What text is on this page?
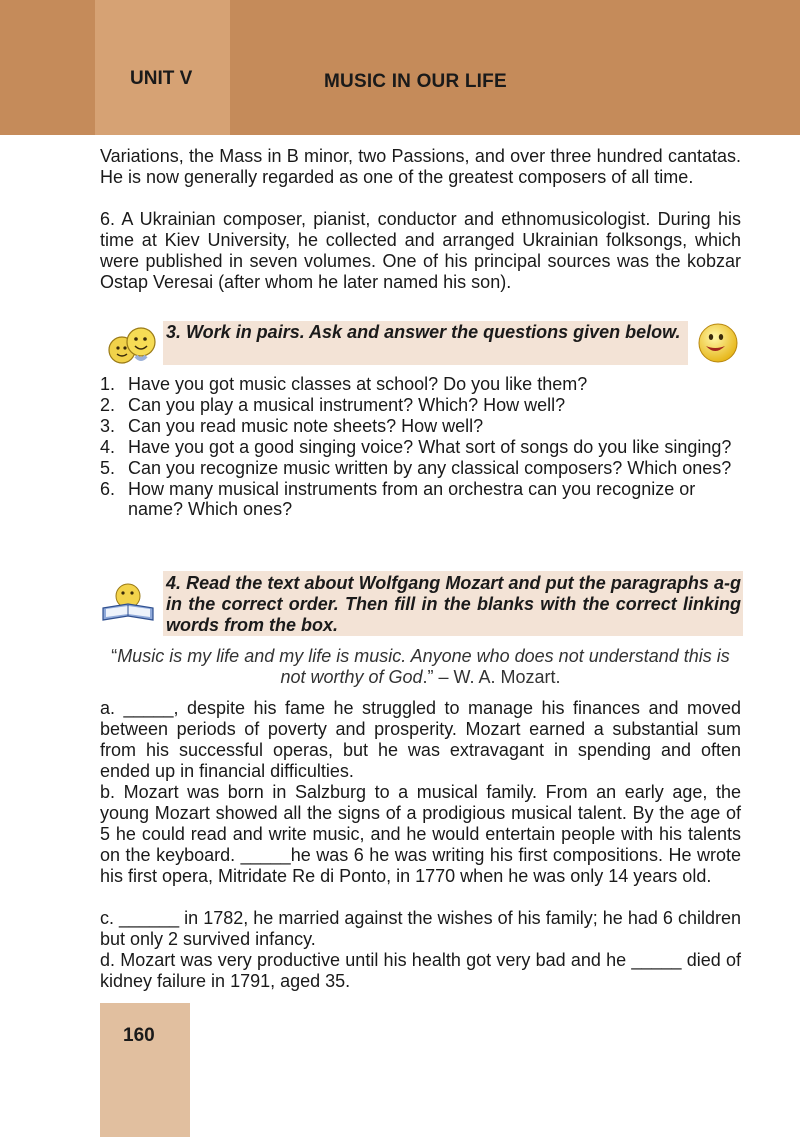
UNIT V	MUSIC IN OUR LIFE

Variations, the Mass in B minor, two Passions, and over three hundred cantatas. He is now generally regarded as one of the greatest composers of all time.

6. A Ukrainian composer, pianist, conductor and ethnomusicologist. During his time at Kiev University, he collected and arranged Ukrainian folksongs, which were published in seven volumes. One of his principal sources was the kobzar Ostap Veresai (after whom he later named his son).

3. Work in pairs. Ask and answer the questions given below.
1. Have you got music classes at school? Do you like them?
2. Can you play a musical instrument? Which? How well?
3. Can you read music note sheets? How well?
4. Have you got a good singing voice? What sort of songs do you like singing?
5. Can you recognize music written by any classical composers? Which ones?
6. How many musical instruments from an orchestra can you recognize or name? Which ones?
4. Read the text about Wolfgang Mozart and put the paragraphs a-g in the correct order. Then fill in the blanks with the correct linking words from the box.
“Music is my life and my life is music. Anyone who does not understand this is not worthy of God.” – W. A. Mozart.

a. _____, despite his fame he struggled to manage his finances and moved between periods of poverty and prosperity. Mozart earned a substantial sum from his successful operas, but he was extravagant in spending and often ended up in financial difficulties.

b. Mozart was born in Salzburg to a musical family. From an early age, the young Mozart showed all the signs of a prodigious musical talent. By the age of 5 he could read and write music, and he would entertain people with his talents on the keyboard. _____he was 6 he was writing his first compositions. He wrote his first opera, Mitridate Re di Ponto, in 1770 when he was only 14 years old.

c. ______ in 1782, he married against the wishes of his family; he had 6 children but only 2 survived infancy.

d. Mozart was very productive until his health got very bad and he _____ died of kidney failure in 1791, aged 35.

160
